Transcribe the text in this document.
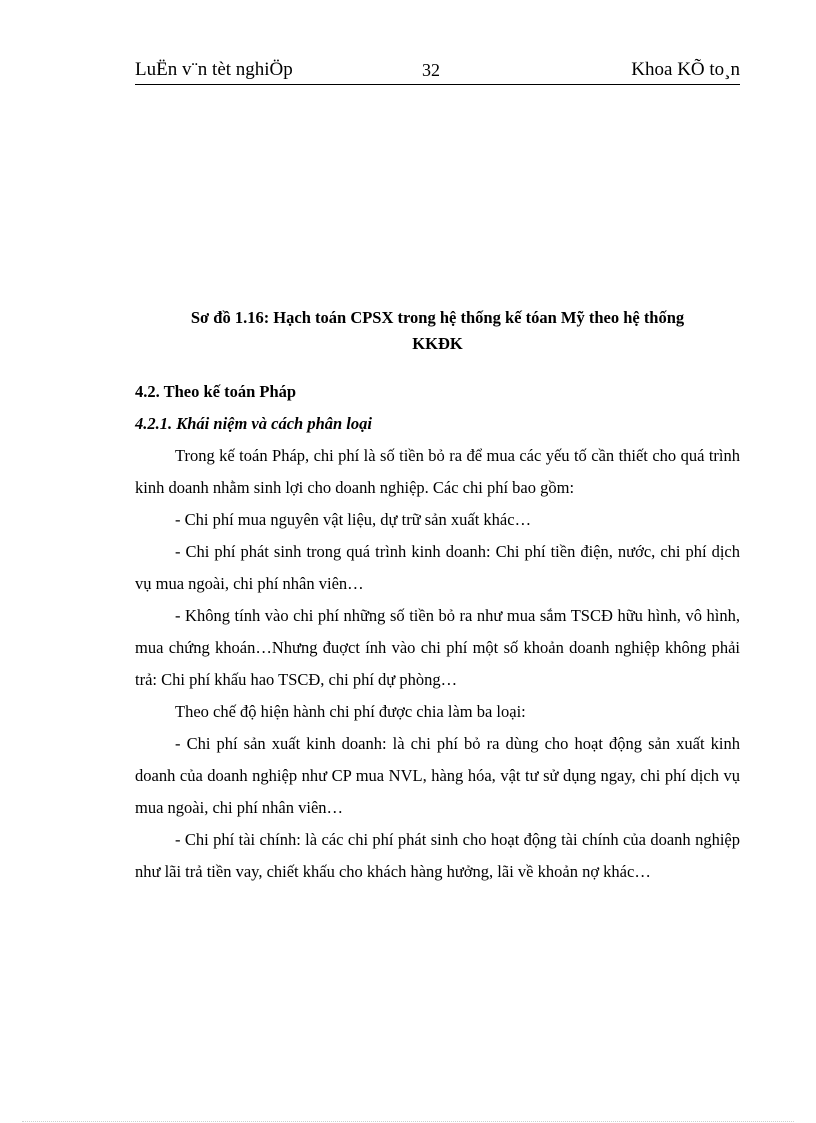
LuËn v¨n tèt nghiÖp	32	Khoa KÕ to¸n
Sơ đồ 1.16: Hạch toán CPSX trong hệ thống kế tóan Mỹ theo hệ thống
KKĐK

4.2. Theo kế toán Pháp

4.2.1. Khái niệm và cách phân loại

Trong kế toán Pháp, chi phí là số tiền bỏ ra để mua các yếu tố cần thiết cho quá trình kinh doanh nhằm sinh lợi cho doanh nghiệp. Các chi phí bao gồm:

- Chi phí mua nguyên vật liệu, dự trữ sản xuất khác…

- Chi phí phát sinh trong quá trình kinh doanh: Chi phí tiền điện, nước, chi phí dịch vụ mua ngoài, chi phí nhân viên…

- Không tính vào chi phí những số tiền bỏ ra như mua sắm TSCĐ hữu hình, vô hình, mua chứng khoán…Nhưng đuợct ính vào chi phí một số khoản doanh nghiệp không phải trả: Chi phí khấu hao TSCĐ, chi phí dự phòng…

Theo chế độ hiện hành chi phí được chia làm ba loại:

- Chi phí sản xuất kinh doanh: là chi phí bỏ ra dùng cho hoạt động sản xuất kinh doanh của doanh nghiệp như CP mua NVL, hàng hóa, vật tư sử dụng ngay, chi phí dịch vụ mua ngoài, chi phí nhân viên…

- Chi phí tài chính: là các chi phí phát sinh cho hoạt động tài chính của doanh nghiệp như lãi trả tiền vay, chiết khấu cho khách hàng hưởng, lãi về khoản nợ khác…
